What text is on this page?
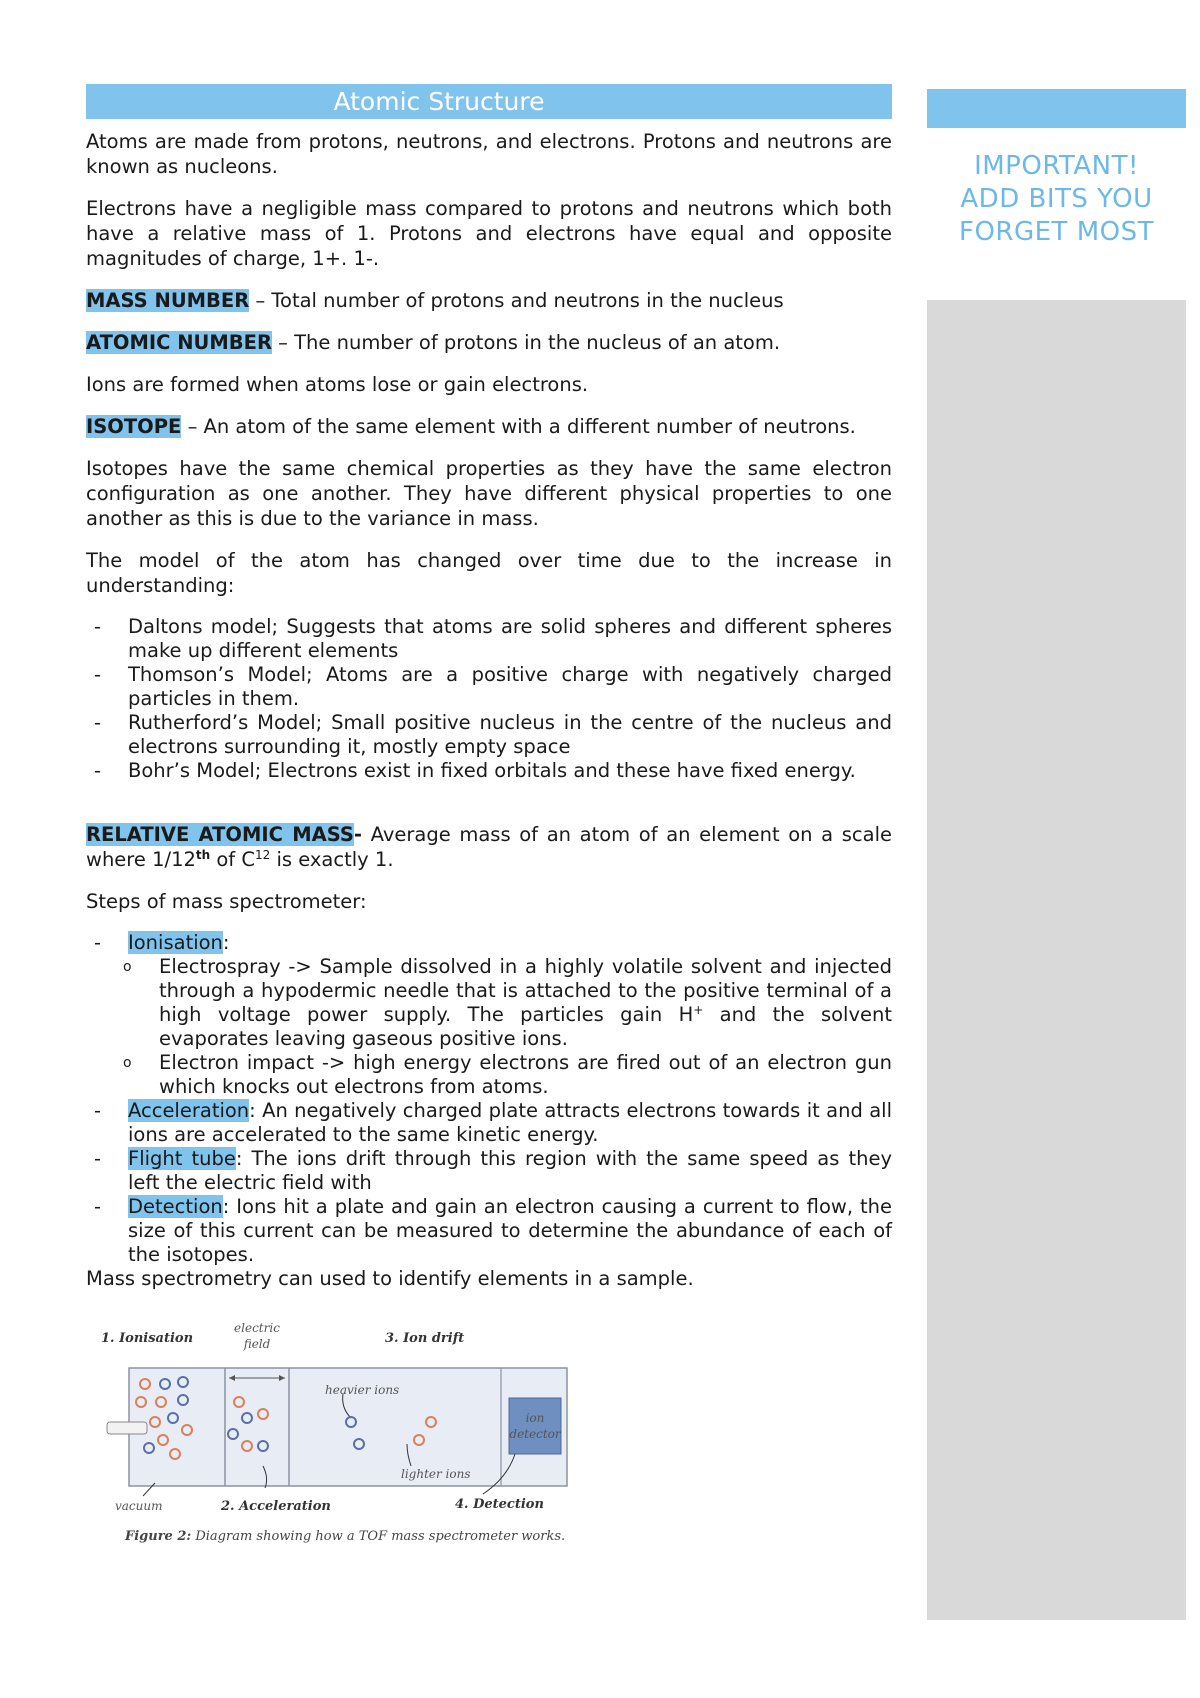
Atomic Structure

Atoms are made from protons, neutrons, and electrons. Protons and neutrons are known as nucleons.

Electrons have a negligible mass compared to protons and neutrons which both have a relative mass of 1. Protons and electrons have equal and opposite magnitudes of charge, 1+. 1-.

MASS NUMBER – Total number of protons and neutrons in the nucleus

ATOMIC NUMBER – The number of protons in the nucleus of an atom.

Ions are formed when atoms lose or gain electrons.

ISOTOPE – An atom of the same element with a different number of neutrons.

Isotopes have the same chemical properties as they have the same electron configuration as one another. They have different physical properties to one another as this is due to the variance in mass.

The model of the atom has changed over time due to the increase in understanding:

- Daltons model; Suggests that atoms are solid spheres and different spheres make up different elements
- Thomson’s Model; Atoms are a positive charge with negatively charged particles in them.
- Rutherford’s Model; Small positive nucleus in the centre of the nucleus and electrons surrounding it, mostly empty space
- Bohr’s Model; Electrons exist in fixed orbitals and these have fixed energy.

RELATIVE ATOMIC MASS- Average mass of an atom of an element on a scale where 1/12th of $C^{12}$ is exactly 1.

Steps of mass spectrometer:

- Ionisation:
o Electrospray -> Sample dissolved in a highly volatile solvent and injected through a hypodermic needle that is attached to the positive terminal of a high voltage power supply. The particles gain H+ and the solvent evaporates leaving gaseous positive ions.
o Electron impact -> high energy electrons are fired out of an electron gun which knocks out electrons from atoms.
- Acceleration: An negatively charged plate attracts electrons towards it and all ions are accelerated to the same kinetic energy.
- Flight tube: The ions drift through this region with the same speed as they left the electric field with
- Detection: Ions hit a plate and gain an electron causing a current to flow, the size of this current can be measured to determine the abundance of each of the isotopes.

Mass spectrometry can used to identify elements in a sample.

IMPORTANT!
ADD BITS YOU
FORGET MOST
ion
detector
1. Ionisation
electric
field	3. Ion drift
heavier ions
lighter ions
vacuum	2. Acceleration	4. Detection
Figure 2: Diagram showing how a TOF mass spectrometer works.
